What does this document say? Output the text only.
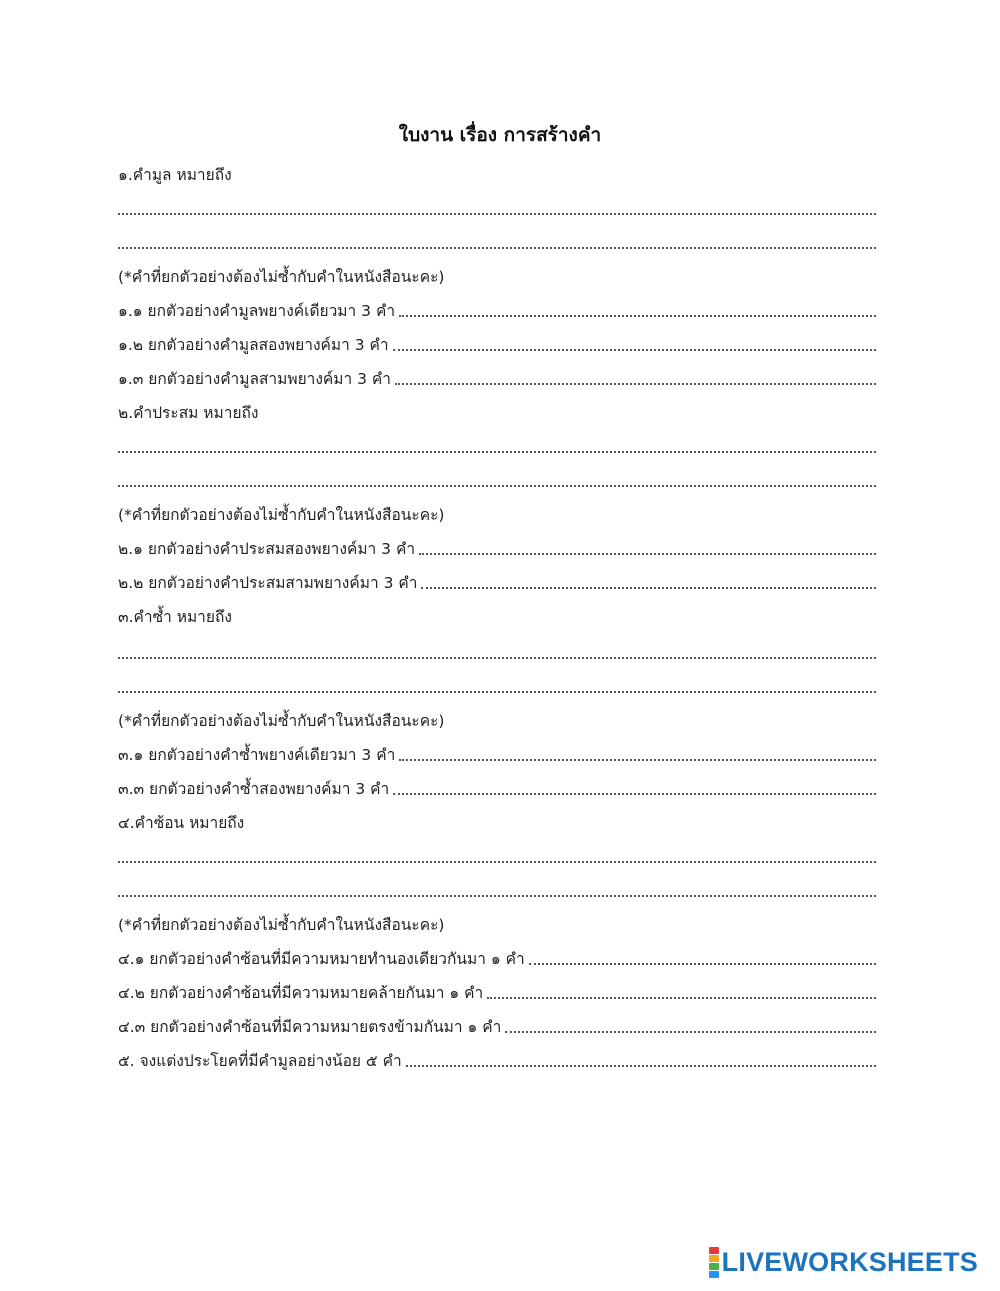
ใบงาน เรื่อง การสร้างคำ
๑.คำมูล หมายถึง
(*คำที่ยกตัวอย่างต้องไม่ซ้ำกับคำในหนังสือนะคะ)
๑.๑ ยกตัวอย่างคำมูลพยางค์เดียวมา 3 คำ
๑.๒ ยกตัวอย่างคำมูลสองพยางค์มา 3 คำ
๑.๓ ยกตัวอย่างคำมูลสามพยางค์มา 3 คำ
๒.คำประสม หมายถึง
(*คำที่ยกตัวอย่างต้องไม่ซ้ำกับคำในหนังสือนะคะ)
๒.๑ ยกตัวอย่างคำประสมสองพยางค์มา 3 คำ
๒.๒ ยกตัวอย่างคำประสมสามพยางค์มา 3 คำ
๓.คำซ้ำ หมายถึง
(*คำที่ยกตัวอย่างต้องไม่ซ้ำกับคำในหนังสือนะคะ)
๓.๑ ยกตัวอย่างคำซ้ำพยางค์เดียวมา 3 คำ
๓.๓ ยกตัวอย่างคำซ้ำสองพยางค์มา 3 คำ
๔.คำซ้อน หมายถึง
(*คำที่ยกตัวอย่างต้องไม่ซ้ำกับคำในหนังสือนะคะ)
๔.๑ ยกตัวอย่างคำซ้อนที่มีความหมายทำนองเดียวกันมา ๑ คำ
๔.๒ ยกตัวอย่างคำซ้อนที่มีความหมายคล้ายกันมา ๑ คำ
๔.๓ ยกตัวอย่างคำซ้อนที่มีความหมายตรงข้ามกันมา ๑ คำ
๕. จงแต่งประโยคที่มีคำมูลอย่างน้อย ๕ คำ
LIVEWORKSHEETS
